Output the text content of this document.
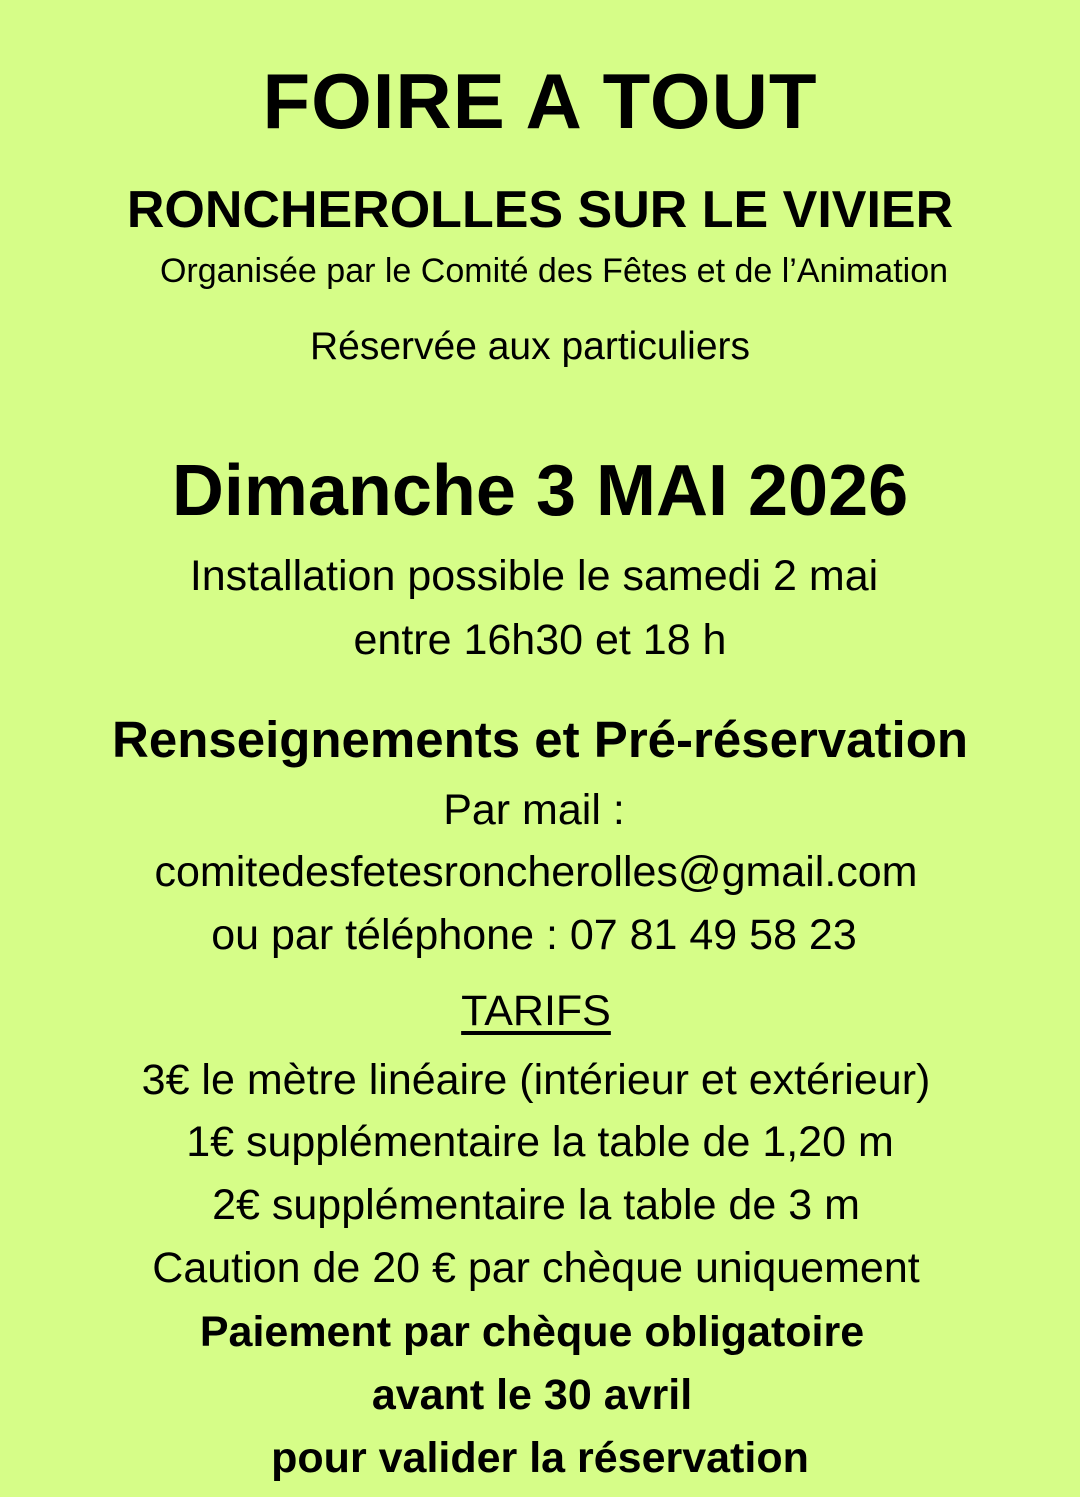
FOIRE A TOUT
RONCHEROLLES SUR LE VIVIER
Organisée par le Comité des Fêtes et de l’Animation
Réservée aux particuliers
Dimanche 3 MAI 2026
Installation possible le samedi 2 mai
entre 16h30 et 18 h
Renseignements et Pré-réservation
Par mail :
comitedesfetesroncherolles@gmail.com
ou par téléphone : 07 81 49 58 23
TARIFS
3€ le mètre linéaire (intérieur et extérieur)
1€ supplémentaire la table de 1,20 m
2€ supplémentaire la table de 3 m
Caution de 20 € par chèque uniquement
Paiement par chèque obligatoire
avant le 30 avril
pour valider la réservation
